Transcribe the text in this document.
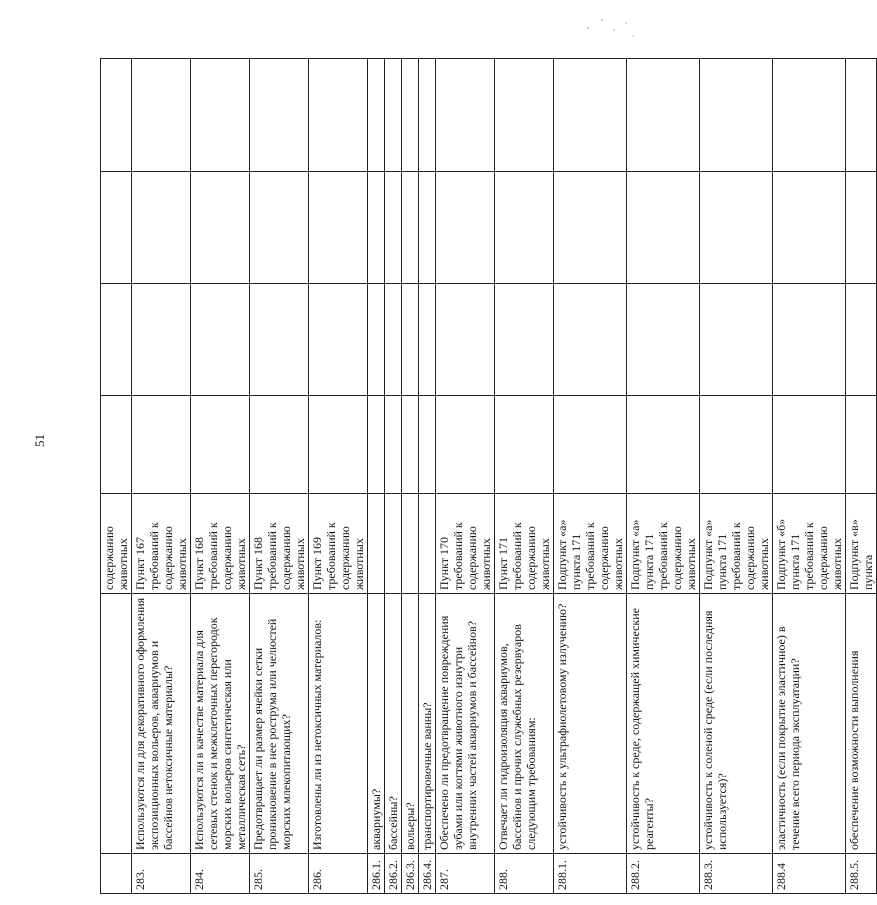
51
		содержанию животных				
283.	Используются ли для декоративного оформления экспозиционных вольеров, аквариумов и бассейнов нетоксичные материалы?	Пункт 167 требований к содержанию животных				
284.	Используются ли в качестве материала для сетевых стенок и межклеточных перегородок морских вольеров синтетическая или металлическая сеть?	Пункт 168 требований к содержанию животных				
285.	Предотвращает ли размер ячейки сетки проникновение в нее рострума или челюстей морских млекопитающих?	Пункт 168 требований к содержанию животных				
286.	Изготовлены ли из нетоксичных материалов:	Пункт 169 требований к содержанию животных				
286.1.	аквариумы?					
286.2.	бассейны?					
286.3.	вольеры?					
286.4.	транспортировочные ванны?					
287.	Обеспечено ли предотвращение повреждения зубами или когтями животного изнутри внутренних частей аквариумов и бассейнов?	Пункт 170 требований к содержанию животных				
288.	Отвечает ли гидроизоляция аквариумов, бассейнов и прочих служебных резервуаров следующим требованиям:	Пункт 171 требований к содержанию животных				
288.1.	устойчивость к ультрафиолетовому излучению?	Подпункт «а» пункта 171 требований к содержанию животных				
288.2.	устойчивость к среде, содержащей химические реагенты?	Подпункт «а» пункта 171 требований к содержанию животных				
288.3.	устойчивость к соленой среде (если последняя используется)?	Подпункт «а» пункта 171 требований к содержанию животных				
288.4	эластичность (если покрытие эластичное) в течение всего периода эксплуатации?	Подпункт «б» пункта 171 требований к содержанию животных				
288.5.	обеспечение возможности выполнения	Подпункт «в» пункта				
